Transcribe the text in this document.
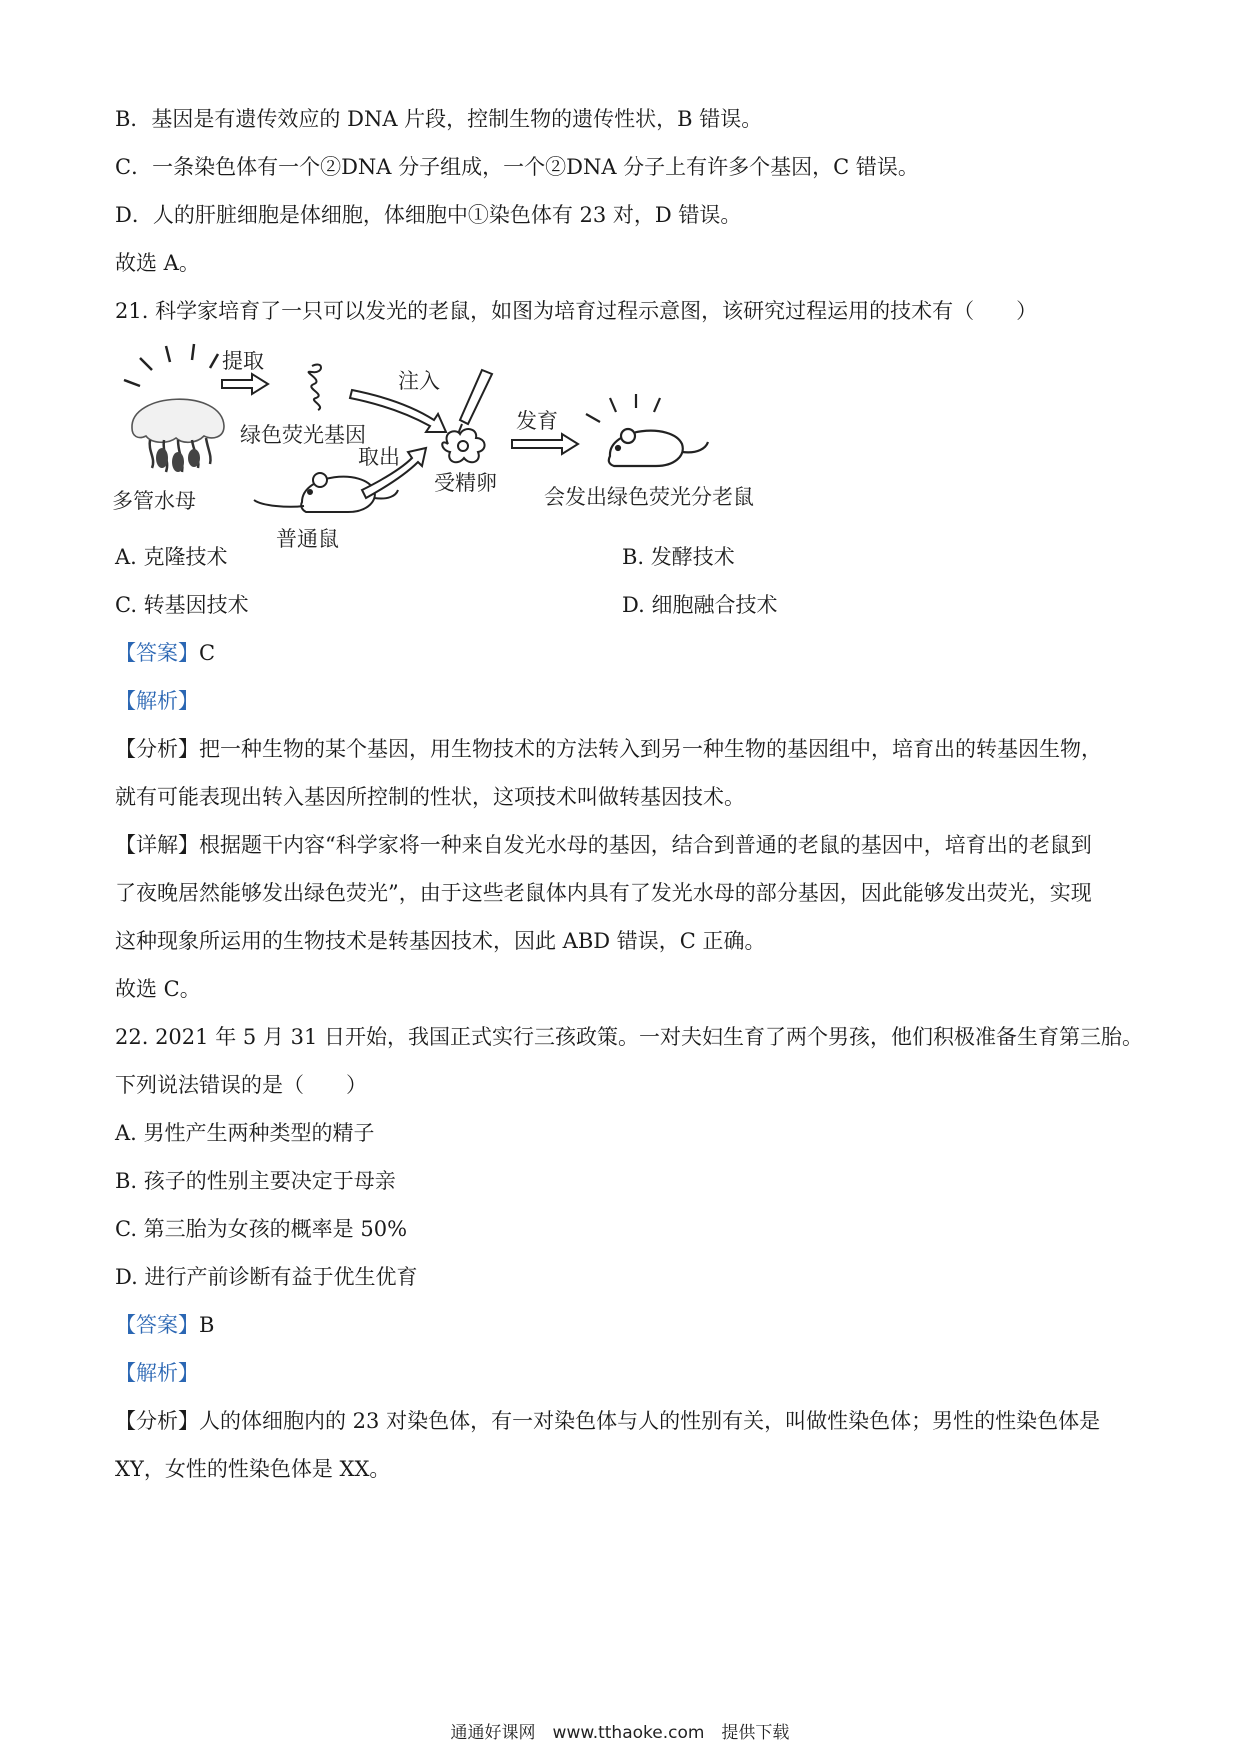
B．基因是有遗传效应的 DNA 片段，控制生物的遗传性状，B 错误。
C．一条染色体有一个②DNA 分子组成，一个②DNA 分子上有许多个基因，C 错误。
D．人的肝脏细胞是体细胞，体细胞中①染色体有 23 对，D 错误。
故选 A。
21. 科学家培育了一只可以发光的老鼠，如图为培育过程示意图，该研究过程运用的技术有（　　）
多管水母
提取
绿色荧光基因
注入
普通鼠
取出
受精卵
发育
会发出绿色荧光分老鼠
A. 克隆技术	B. 发酵技术
C. 转基因技术	D. 细胞融合技术
【答案】C
【解析】
【分析】把一种生物的某个基因，用生物技术的方法转入到另一种生物的基因组中，培育出的转基因生物，
就有可能表现出转入基因所控制的性状，这项技术叫做转基因技术。
【详解】根据题干内容“科学家将一种来自发光水母的基因，结合到普通的老鼠的基因中，培育出的老鼠到
了夜晚居然能够发出绿色荧光”，由于这些老鼠体内具有了发光水母的部分基因，因此能够发出荧光，实现
这种现象所运用的生物技术是转基因技术，因此 ABD 错误，C 正确。
故选 C。
22. 2021 年 5 月 31 日开始，我国正式实行三孩政策。一对夫妇生育了两个男孩，他们积极准备生育第三胎。
下列说法错误的是（　　）
A. 男性产生两种类型的精子
B. 孩子的性别主要决定于母亲
C. 第三胎为女孩的概率是 50%
D. 进行产前诊断有益于优生优育
【答案】B
【解析】
【分析】人的体细胞内的 23 对染色体，有一对染色体与人的性别有关，叫做性染色体；男性的性染色体是
XY，女性的性染色体是 XX。
通通好课网　www.tthaoke.com　提供下载
